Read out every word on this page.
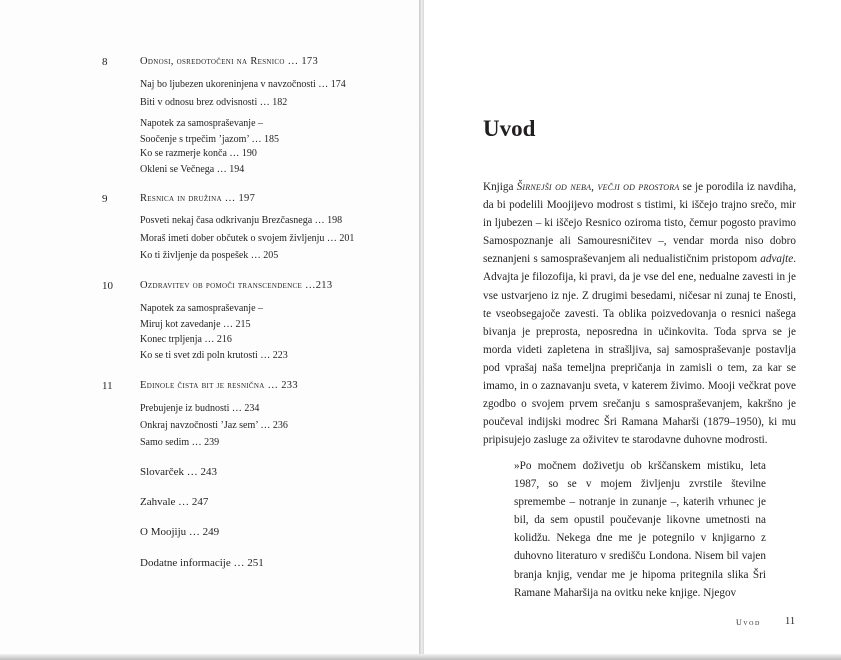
8	Odnosi, osredotočeni na Resnico … 173
Naj bo ljubezen ukoreninjena v navzočnosti … 174
Biti v odnosu brez odvisnosti … 182
Napotek za samospraševanje –
Soočenje s trpečim ’jazom’ … 185
Ko se razmerje konča … 190
Okleni se Večnega … 194
9	Resnica in družina … 197
Posveti nekaj časa odkrivanju Brezčasnega … 198
Moraš imeti dober občutek o svojem življenju … 201
Ko ti življenje da pospešek … 205
10	Ozdravitev ob pomoči transcendence …213
Napotek za samospraševanje –
Miruj kot zavedanje … 215
Konec trpljenja … 216
Ko se ti svet zdi poln krutosti … 223
11	Edinole čista bit je resnična … 233
Prebujenje iz budnosti … 234
Onkraj navzočnosti ’Jaz sem’ … 236
Samo sedim … 239
Slovarček … 243
Zahvale … 247
O Moojiju … 249
Dodatne informacije … 251
Uvod

Knjiga Širnejši od neba, večji od prostora se je porodila iz navdiha, da bi podelili Moojijevo modrost s tistimi, ki iščejo trajno srečo, mir in ljubezen – ki iščejo Resnico oziroma tisto, čemur pogosto pravimo Samospoznanje ali Samouresničitev –, vendar morda niso dobro seznanjeni s samospraševanjem ali nedualističnim pristopom advajte. Advajta je filozofija, ki pravi, da je vse del ene, nedualne zavesti in je vse ustvarjeno iz nje. Z drugimi besedami, ničesar ni zunaj te Enosti, te vseobsegajoče zavesti. Ta oblika poizvedovanja o resnici našega bivanja je preprosta, neposredna in učinkovita. Toda sprva se je morda videti zapletena in strašljiva, saj samospraševanje postavlja pod vprašaj naša temeljna prepričanja in zamisli o tem, za kar se imamo, in o zaznavanju sveta, v katerem živimo. Mooji večkrat pove zgodbo o svojem prvem srečanju s samospraševanjem, kakršno je poučeval indijski modrec Šri Ramana Maharši (1879–1950), ki mu pripisujejo zasluge za oživitev te starodavne duhovne modrosti.

»Po močnem doživetju ob krščanskem mistiku, leta 1987, so se v mojem življenju zvrstile številne spremembe – notranje in zunanje –, katerih vrhunec je bil, da sem opustil poučevanje likovne umetnosti na kolidžu. Nekega dne me je potegnilo v knjigarno z duhovno literaturo v središču Londona. Nisem bil vajen branja knjig, vendar me je hipoma pritegnila slika Šri Ramane Maharšija na ovitku neke knjige. Njegov

Uvod 11
